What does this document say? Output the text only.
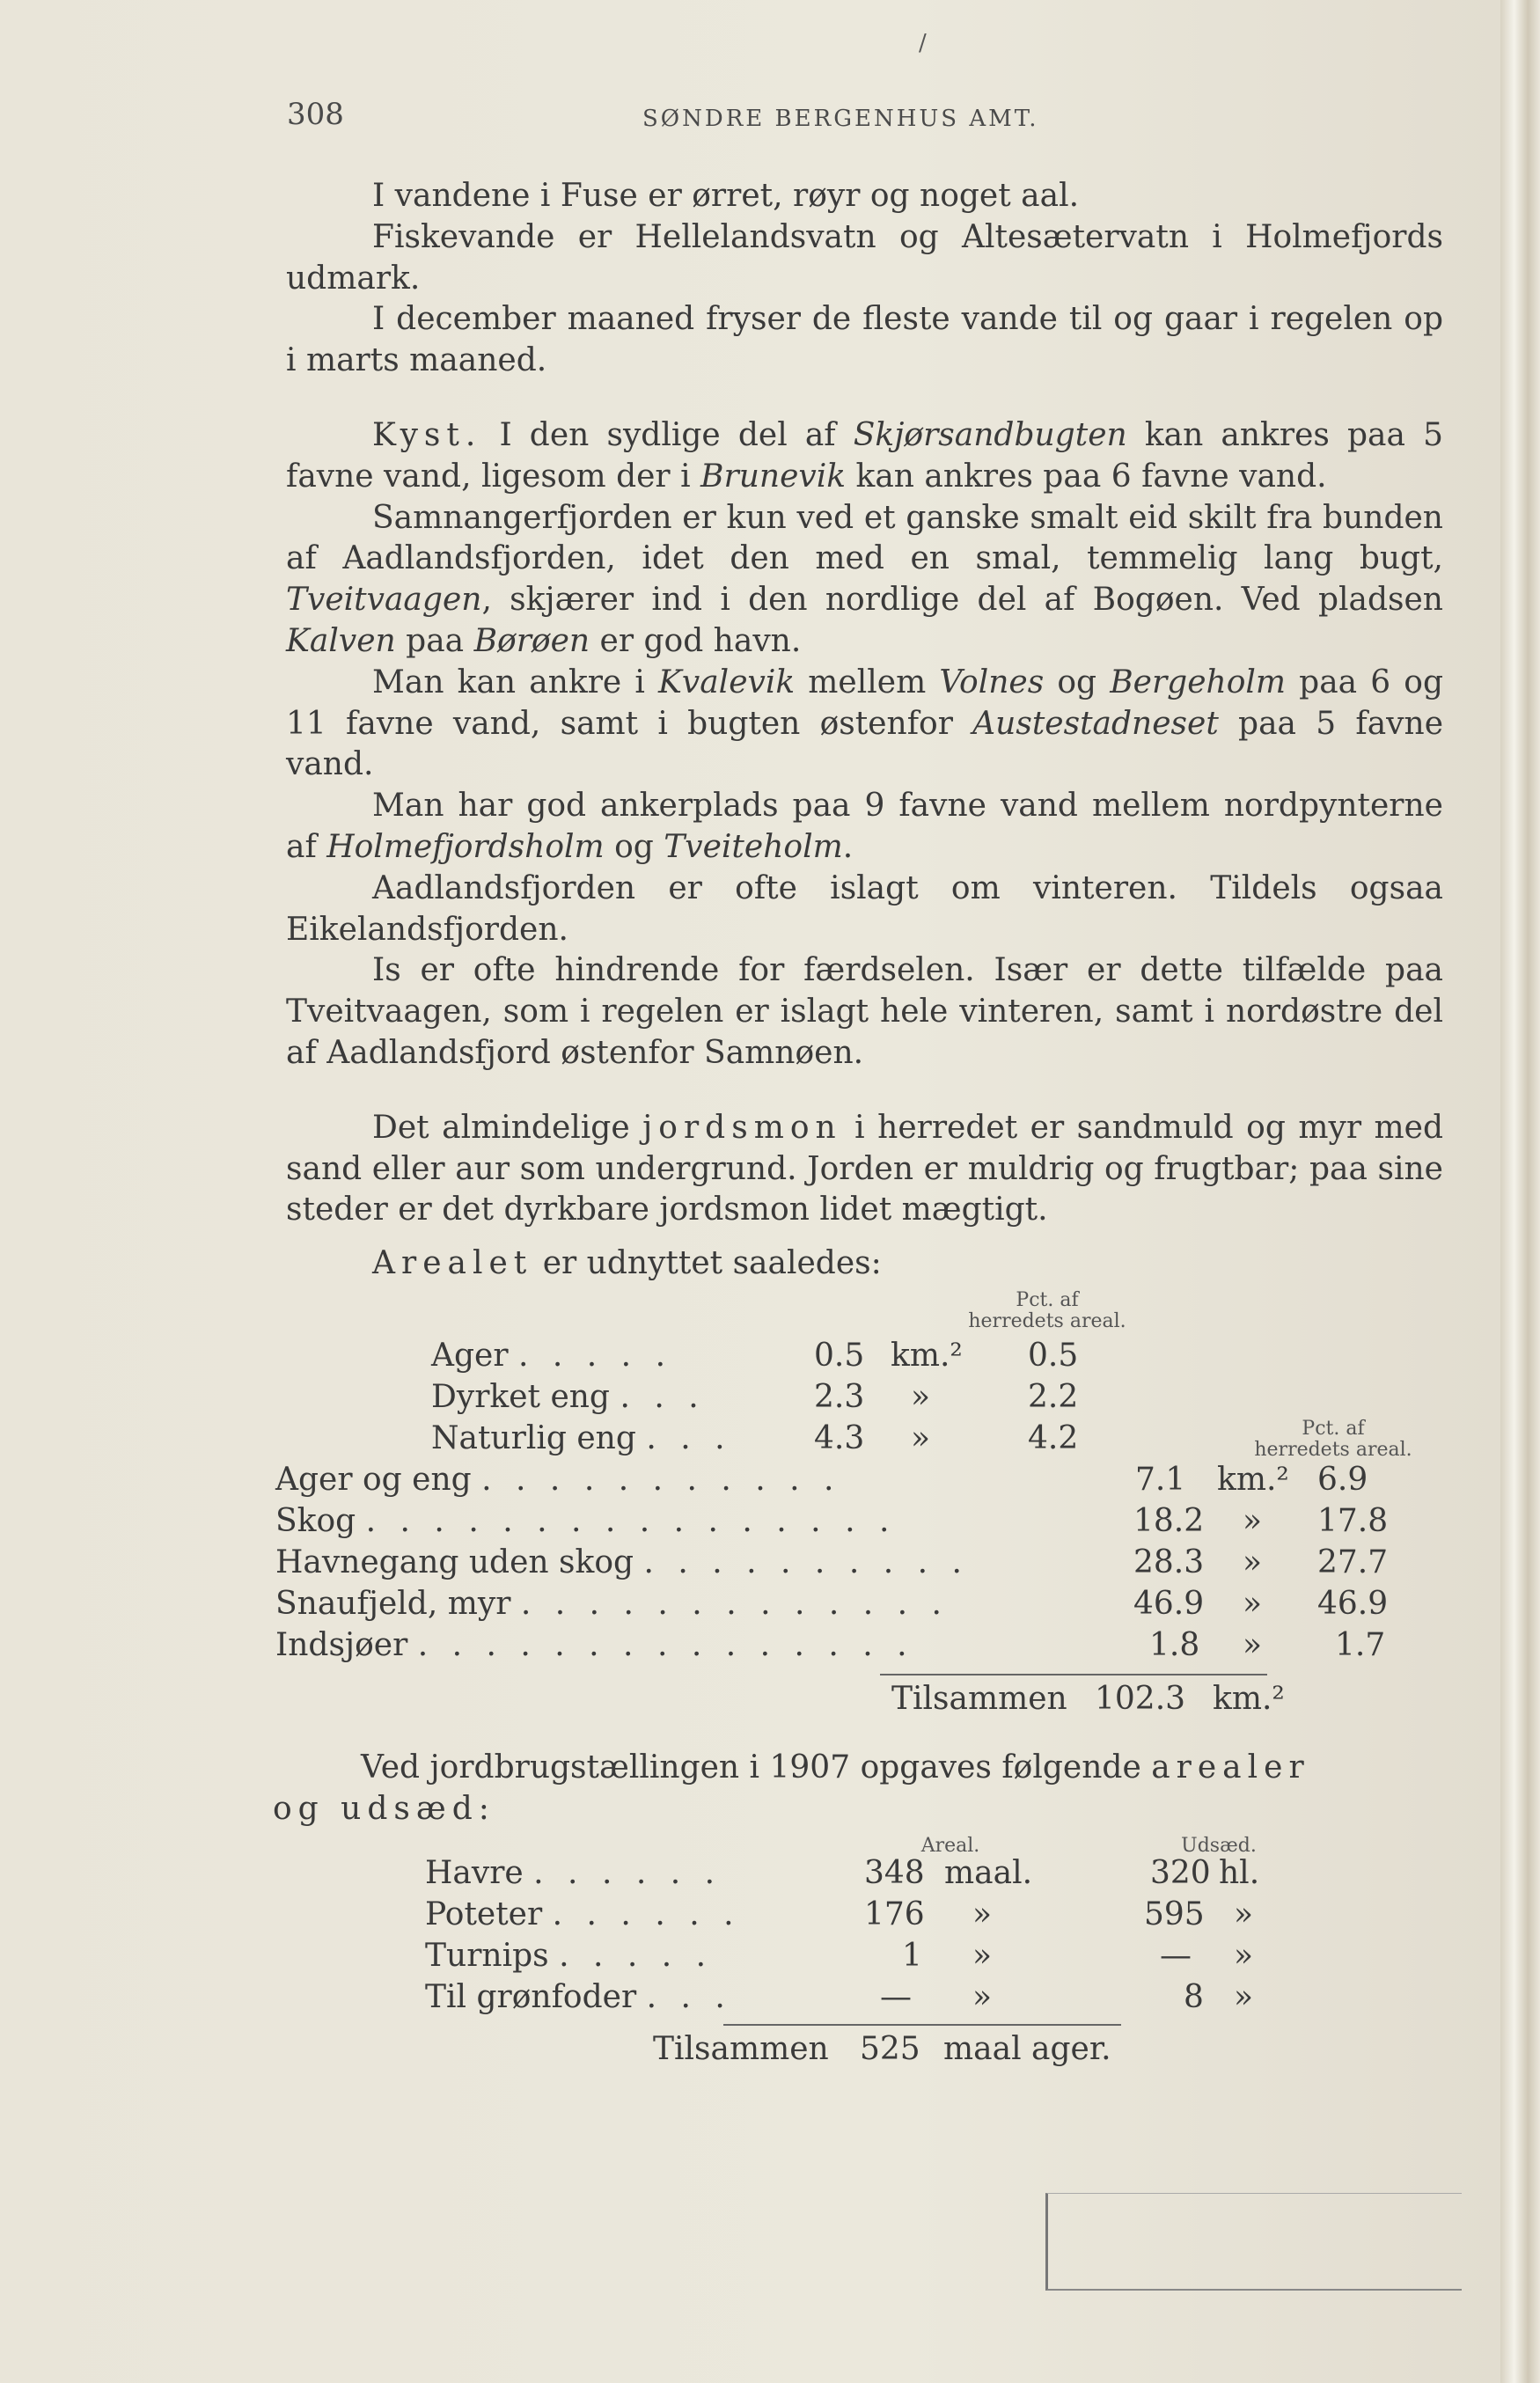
/
308	SØNDRE BERGENHUS AMT.

I vandene i Fuse er ørret, røyr og noget aal.

Fiskevande er Hellelandsvatn og Altesætervatn i Holmefjords udmark.

I december maaned fryser de fleste vande til og gaar i regelen op i marts maaned.

Kyst. I den sydlige del af Skjørsandbugten kan ankres paa 5 favne vand, ligesom der i Brunevik kan ankres paa 6 favne vand.

Samnangerfjorden er kun ved et ganske smalt eid skilt fra bunden af Aadlandsfjorden, idet den med en smal, temmelig lang bugt, Tveitvaagen, skjærer ind i den nordlige del af Bogøen. Ved pladsen Kalven paa Børøen er god havn.

Man kan ankre i Kvalevik mellem Volnes og Bergeholm paa 6 og 11 favne vand, samt i bugten østenfor Austestadneset paa 5 favne vand.

Man har god ankerplads paa 9 favne vand mellem nordpynterne af Holmefjordsholm og Tveiteholm.

Aadlandsfjorden er ofte islagt om vinteren. Tildels ogsaa Eikelandsfjorden.

Is er ofte hindrende for færdselen. Især er dette tilfælde paa Tveitvaagen, som i regelen er islagt hele vinteren, samt i nordøstre del af Aadlandsfjord østenfor Samnøen.

Det almindelige jordsmon i herredet er sandmuld og myr med sand eller aur som undergrund. Jorden er muldrig og frugtbar; paa sine steder er det dyrkbare jordsmon lidet mægtigt.

Arealet er udnyttet saaledes:

Pct. af
herredets areal.
Pct. af
herredets areal.
Ager . . . . .	0.5 km.² 0.5
Dyrket eng . . .	2.3 »	2.2
Naturlig eng . . .	4.3 »	4.2
Ager og eng . . . . . . . . . . .	7.1 km.² 6.9
Skog . . . . . . . . . . . . . . . .	18.2 » 17.8
Havnegang uden skog . . . . . . . . . .	28.3 » 27.7
Snaufjeld, myr . . . . . . . . . . . . .	46.9 » 46.9
Indsjøer . . . . . . . . . . . . . . .	1.8 » 1.7
Tilsammen 102.3 km.²
Ved jordbrugstællingen i 1907 opgaves følgende arealer
og udsæd:
Areal.	Udsæd.
Havre . . . . . .	348 maal.	320 hl.
Poteter . . . . . .	176 »	595 »
Turnips . . . . .	1 »	— »
Til grønfoder . . .	— »	8 »
Tilsammen 525 maal ager.
